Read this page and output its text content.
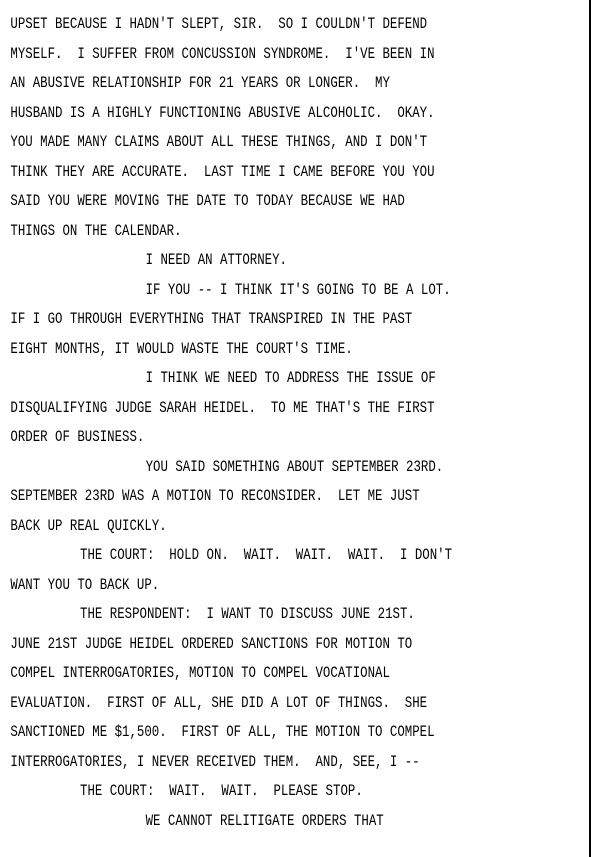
UPSET BECAUSE I HADN'T SLEPT, SIR.  SO I COULDN'T DEFEND
MYSELF.  I SUFFER FROM CONCUSSION SYNDROME.  I'VE BEEN IN
AN ABUSIVE RELATIONSHIP FOR 21 YEARS OR LONGER.  MY
HUSBAND IS A HIGHLY FUNCTIONING ABUSIVE ALCOHOLIC.  OKAY.
YOU MADE MANY CLAIMS ABOUT ALL THESE THINGS, AND I DON'T
THINK THEY ARE ACCURATE.  LAST TIME I CAME BEFORE YOU YOU
SAID YOU WERE MOVING THE DATE TO TODAY BECAUSE WE HAD
THINGS ON THE CALENDAR.
I NEED AN ATTORNEY.
IF YOU -- I THINK IT'S GOING TO BE A LOT.
IF I GO THROUGH EVERYTHING THAT TRANSPIRED IN THE PAST
EIGHT MONTHS, IT WOULD WASTE THE COURT'S TIME.
I THINK WE NEED TO ADDRESS THE ISSUE OF
DISQUALIFYING JUDGE SARAH HEIDEL.  TO ME THAT'S THE FIRST
ORDER OF BUSINESS.
YOU SAID SOMETHING ABOUT SEPTEMBER 23RD.
SEPTEMBER 23RD WAS A MOTION TO RECONSIDER.  LET ME JUST
BACK UP REAL QUICKLY.
THE COURT:  HOLD ON.  WAIT.  WAIT.  WAIT.  I DON'T
WANT YOU TO BACK UP.
THE RESPONDENT:  I WANT TO DISCUSS JUNE 21ST.
JUNE 21ST JUDGE HEIDEL ORDERED SANCTIONS FOR MOTION TO
COMPEL INTERROGATORIES, MOTION TO COMPEL VOCATIONAL
EVALUATION.  FIRST OF ALL, SHE DID A LOT OF THINGS.  SHE
SANCTIONED ME $1,500.  FIRST OF ALL, THE MOTION TO COMPEL
INTERROGATORIES, I NEVER RECEIVED THEM.  AND, SEE, I --
THE COURT:  WAIT.  WAIT.  PLEASE STOP.
WE CANNOT RELITIGATE ORDERS THAT
